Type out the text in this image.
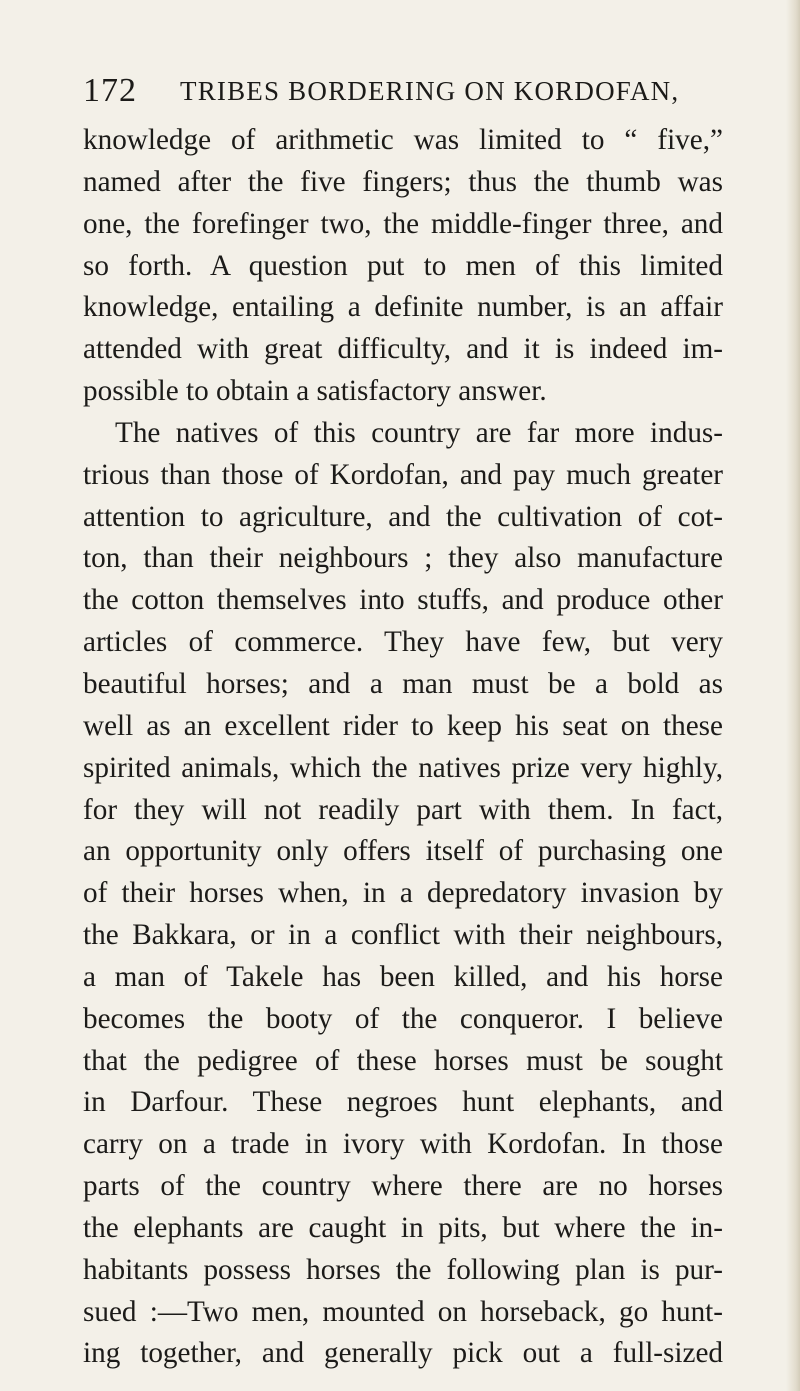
172 TRIBES BORDERING ON KORDOFAN,
knowledge of arithmetic was limited to “ five,”
named after the five fingers; thus the thumb was
one, the forefinger two, the middle-finger three, and
so forth. A question put to men of this limited
knowledge, entailing a definite number, is an affair
attended with great difficulty, and it is indeed im-
possible to obtain a satisfactory answer.
The natives of this country are far more indus-
trious than those of Kordofan, and pay much greater
attention to agriculture, and the cultivation of cot-
ton, than their neighbours ; they also manufacture
the cotton themselves into stuffs, and produce other
articles of commerce. They have few, but very
beautiful horses; and a man must be a bold as
well as an excellent rider to keep his seat on these
spirited animals, which the natives prize very highly,
for they will not readily part with them. In fact,
an opportunity only offers itself of purchasing one
of their horses when, in a depredatory invasion by
the Bakkara, or in a conflict with their neighbours,
a man of Takele has been killed, and his horse
becomes the booty of the conqueror. I believe
that the pedigree of these horses must be sought
in Darfour. These negroes hunt elephants, and
carry on a trade in ivory with Kordofan. In those
parts of the country where there are no horses
the elephants are caught in pits, but where the in-
habitants possess horses the following plan is pur-
sued :—Two men, mounted on horseback, go hunt-
ing together, and generally pick out a full-sized
